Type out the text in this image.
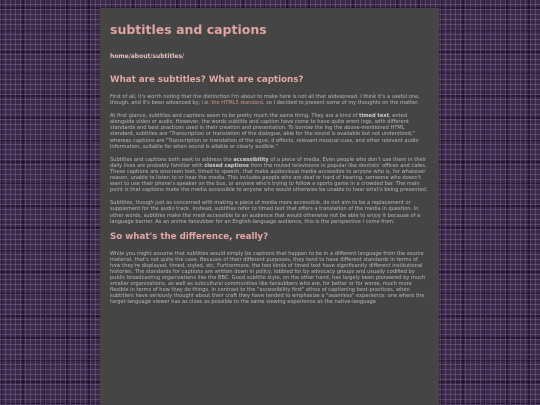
subtitles and captions
home/about/subtitles/
What are subtitles? What are captions?

First of all, it's worth noting that the distinction I'm about to make here is not all that widespread. I think it's a useful one, though, and it's been advanced by, i.e. the HTML5 standard, so I decided to present some of my thoughts on the matter.

At first glance, subtitles and captions seem to be pretty much the same thing. They are a kind of timed text, ented alongside video or audio. However, the words subtitle and caption have come to have quite erent ings, with different standards and best practices used in their creation and presentation. To borrow the ing the above-mentioned HTML standard, subtitles are "Transcription or translation of the dialogue, able for the sound is available but not understood," whereas captions are "Transcription or translation of the ogue, d effects, relevant musical cues, and other relevant audio information, suitable for when sound is ailable or clearly audible."

Subtitles and captions both seek to address the accessibility of a piece of media. Even people who don't use them in their daily lives are probably familiar with closed captions from the muted televisions in popular like dentists' offices and cafes. These captions are onscreen text, timed to speech, that make audiovisual media accessible to anyone who is, for whatever reason, unable to listen to or hear the media. This includes people who are deaf or hard of hearing, someone who doesn't want to use their phone's speaker on the bus, or anyone who's trying to follow a sports game in a crowded bar. The main point is that captions make the media accessible to anyone who would otherwise be unable to hear what's being presented.

Subtitles, though just as concerned with making a piece of media more accessible, do not aim to be a replacement or supplement for the audio track. Instead, subtitles refer to timed text that offers a translation of the media in question. In other words, subtitles make the medi accessible to an audience that would otherwise not be able to enjoy it because of a language barrier. As an anime fansubber for an English-language audience, this is the perspective I come from.

So what's the difference, really?

While you might assume that subtitles would simply be captions that happen to be in a different language from the source material, that's not quite the case. Because of their different purposes, they tend to have different standards in terms of how they're displayed, timed, styled, etc. Furthermore, the two kinds of timed text have significantly different institutional histories. The standards for captions are written down in policy, lobbied for by advocacy groups and usually codified by public broadcasting organizations like the BBC. Good subtitle style, on the other hand, has largely been pioneered by much smaller organizations, as well as subcultural communities like fansubbers who are, for better or for worse, much more flexible in terms of how they do things. In contrast to the "accessibility first" ethos of captioning best-practices, when subtitlers have seriously thought about their craft they have tended to emphasize a "seamless" experience: one where the target-language viewer has as close as possible to the same viewing experience as the native-language
